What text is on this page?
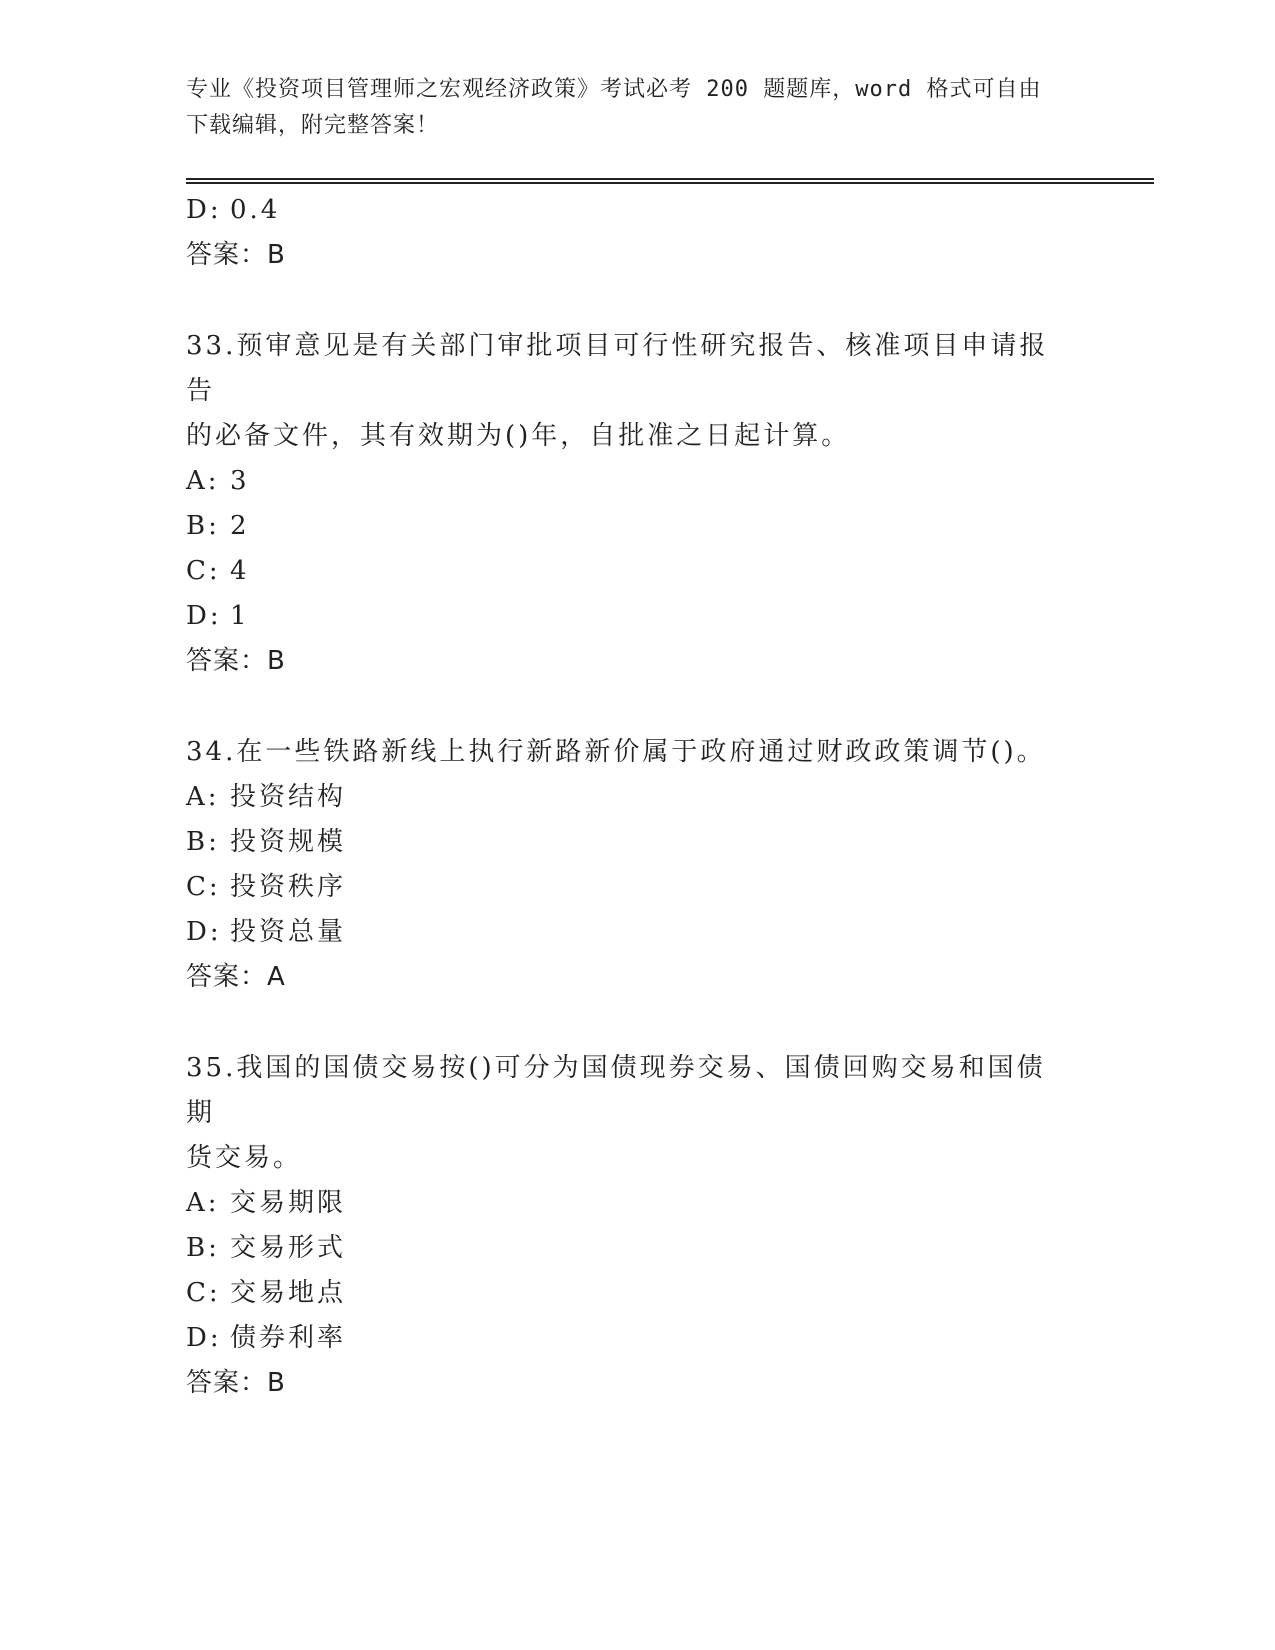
专业《投资项目管理师之宏观经济政策》考试必考 200 题题库，word 格式可自由
下载编辑，附完整答案！
D: 0.4
答案：B
33.预审意见是有关部门审批项目可行性研究报告、核准项目申请报告
的必备文件，其有效期为()年，自批准之日起计算。
A: 3
B: 2
C: 4
D: 1
答案：B
34.在一些铁路新线上执行新路新价属于政府通过财政政策调节()。
A: 投资结构
B: 投资规模
C: 投资秩序
D: 投资总量
答案：A
35.我国的国债交易按()可分为国债现券交易、国债回购交易和国债期
货交易。
A: 交易期限
B: 交易形式
C: 交易地点
D: 债券利率
答案：B
